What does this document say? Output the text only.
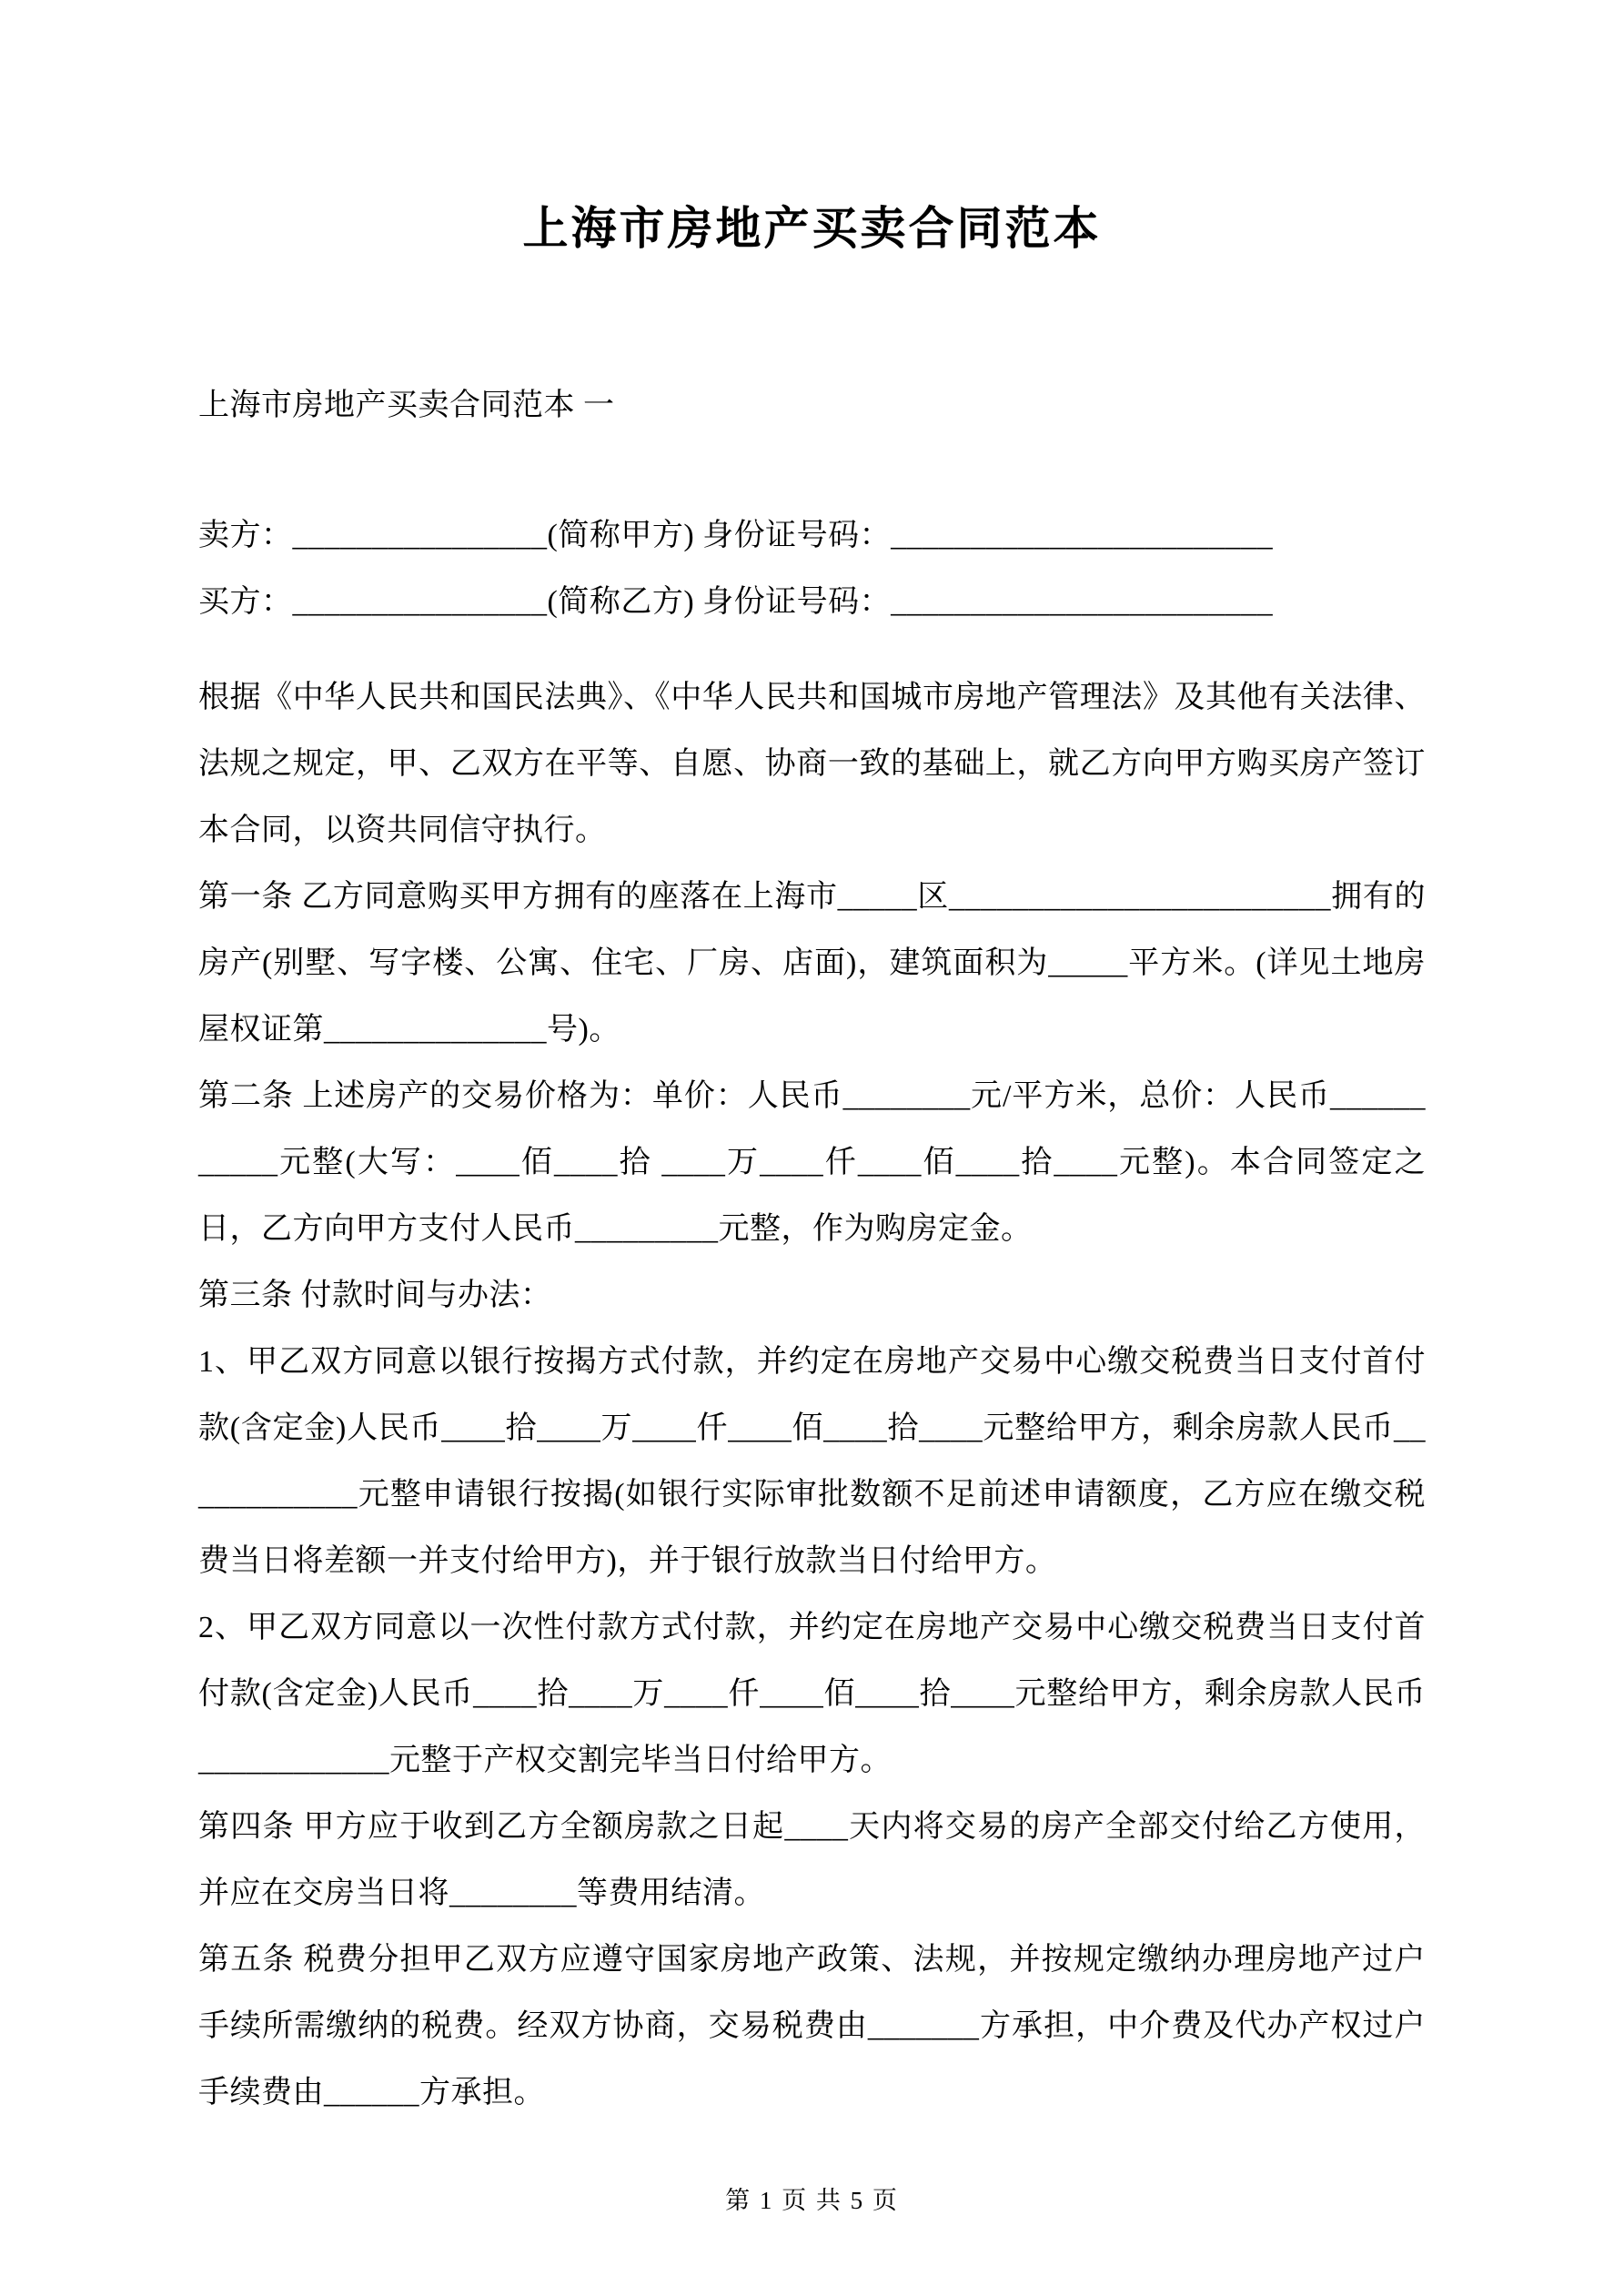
上海市房地产买卖合同范本

上海市房地产买卖合同范本 一

卖方：________________(简称甲方) 身份证号码：________________________

买方：________________(简称乙方) 身份证号码：________________________

根据《中华人民共和国民法典》、《中华人民共和国城市房地产管理法》及其他有关法律、法规之规定，甲、乙双方在平等、自愿、协商一致的基础上，就乙方向甲方购买房产签订本合同，以资共同信守执行。

第一条 乙方同意购买甲方拥有的座落在上海市_____区________________________拥有的房产(别墅、写字楼、公寓、住宅、厂房、店面)，建筑面积为_____平方米。(详见土地房屋权证第______________号)。

第二条 上述房产的交易价格为：单价：人民币________元/平方米，总价：人民币___________元整(大写：____佰____拾 ____万____仟____佰____拾____元整)。本合同签定之日，乙方向甲方支付人民币_________元整，作为购房定金。

第三条 付款时间与办法：

1、甲乙双方同意以银行按揭方式付款，并约定在房地产交易中心缴交税费当日支付首付款(含定金)人民币____拾____万____仟____佰____拾____元整给甲方，剩余房款人民币____________元整申请银行按揭(如银行实际审批数额不足前述申请额度，乙方应在缴交税费当日将差额一并支付给甲方)，并于银行放款当日付给甲方。

2、甲乙双方同意以一次性付款方式付款，并约定在房地产交易中心缴交税费当日支付首付款(含定金)人民币____拾____万____仟____佰____拾____元整给甲方，剩余房款人民币____________元整于产权交割完毕当日付给甲方。

第四条 甲方应于收到乙方全额房款之日起____天内将交易的房产全部交付给乙方使用，并应在交房当日将________等费用结清。

第五条 税费分担甲乙双方应遵守国家房地产政策、法规，并按规定缴纳办理房地产过户手续所需缴纳的税费。经双方协商，交易税费由_______方承担，中介费及代办产权过户手续费由______方承担。

第 1 页 共 5 页
